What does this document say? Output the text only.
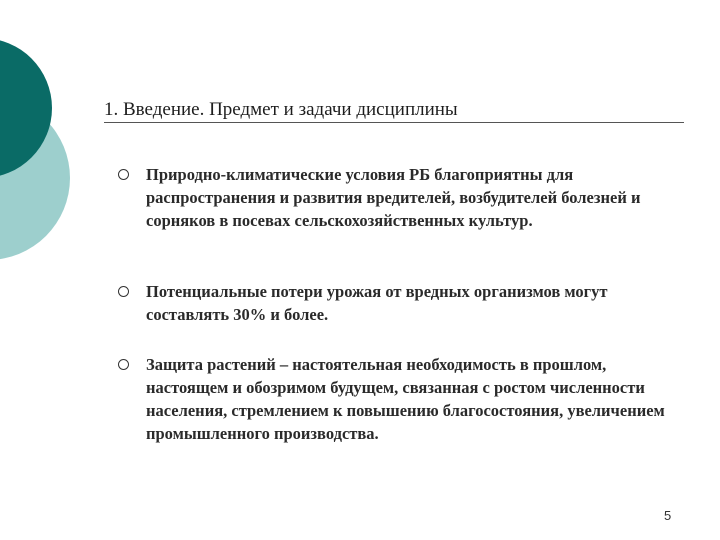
1. Введение. Предмет и задачи дисциплины
Природно-климатические условия РБ благоприятны для распространения и развития вредителей, возбудителей болезней и сорняков в посевах сельскохозяйственных культур.
Потенциальные потери урожая от вредных организмов могут составлять 30% и более.
Защита растений – настоятельная необходимость в прошлом, настоящем и обозримом будущем, связанная с ростом численности населения, стремлением к повышению благосостояния, увеличением промышленного производства.
5
